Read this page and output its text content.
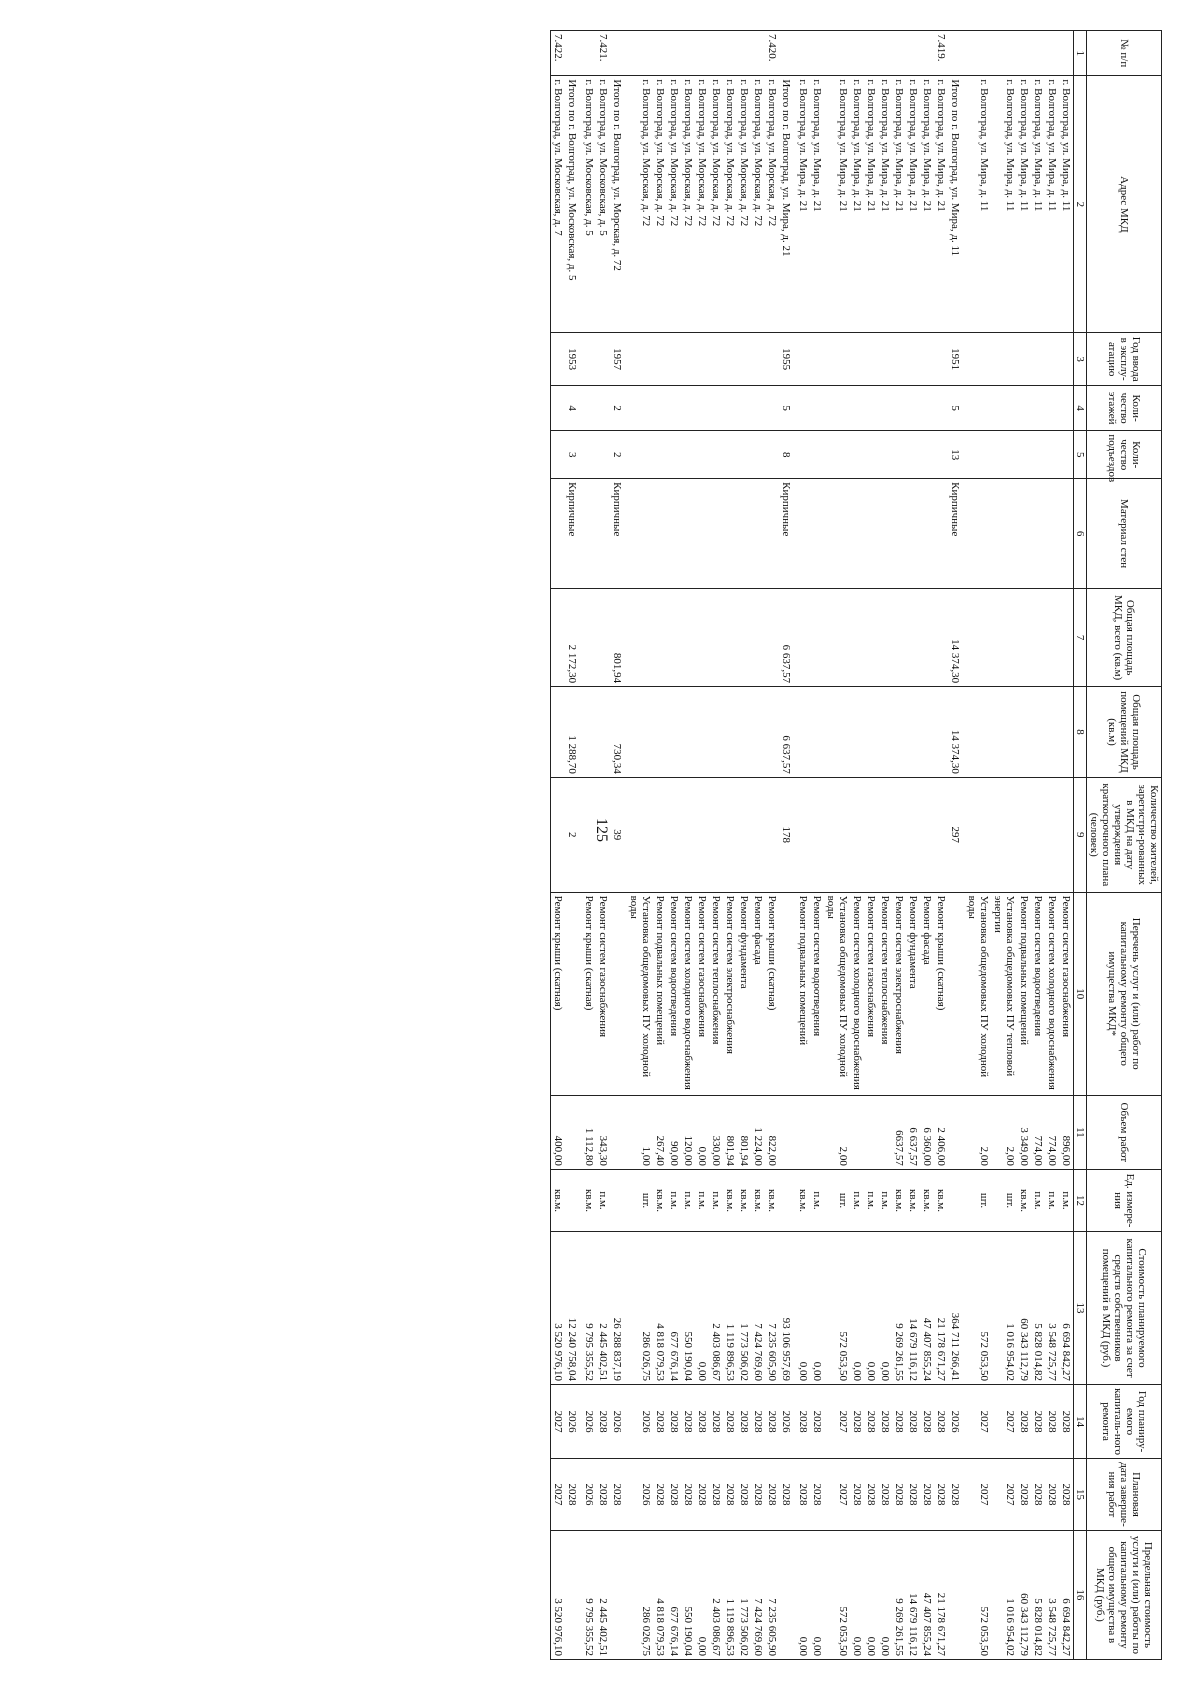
125
№ п/п	Адрес МКД	Год ввода в эксплу-атацию	Коли-чество этажей	Коли-чество подъездов	Материал стен	Общая площадь МКД, всего (кв.м)	Общая площадь помещений МКД (кв.м)	Количество жителей, зарегистри-рованных в МКД на дату утверждения краткосрочного плана (человек)	Перечень услуг и (или) работ по капитальному ремонту общего имущества МКД*	Объем работ	Ед. измере-ния	Стоимость планируемого капитального ремонта за счет средств собственников помещений в МКД (руб.)	Год планиру-емого капиталь-ного ремонта	Плановая дата заверше-ния работ	Предельная стоимость услуги и (или) работы по капитальному ремонту общего имущества в МКД (руб.)
1	2	3	4	5	6	7	8	9	10	11	12	13	14	15	16
	г. Волгоград, ул. Мира, д. 11								Ремонт систем газоснабжения	896,00	п.м.	6 694 842,27	2028	2028	6 694 842,27
	г. Волгоград, ул. Мира, д. 11								Ремонт систем холодного водоснабжения	774,00	п.м.	3 548 725,77	2028	2028	3 548 725,77
	г. Волгоград, ул. Мира, д. 11								Ремонт систем водоотведения	774,00	п.м.	5 828 014,82	2028	2028	5 828 014,82
	г. Волгоград, ул. Мира, д. 11								Ремонт подвальных помещений	3 349,00	кв.м.	60 343 112,79	2028	2028	60 343 112,79
	г. Волгоград, ул. Мира, д. 11								Установка общедомовых ПУ тепловой энергии	2,00	шт.	1 016 954,02	2027	2027	1 016 954,02
	г. Волгоград, ул. Мира, д. 11								Установка общедомовых ПУ холодной воды	2,00	шт.	572 053,50	2027	2027	572 053,50
	Итого по г. Волгоград, ул. Мира, д. 11	1951	5	13	Кирпичные	14 374,30	14 374,30	297				364 711 266,41	2026	2028	
7.419.	г. Волгоград, ул. Мира, д. 21								Ремонт крыши (скатная)	2 406,00	кв.м.	21 178 671,27	2028	2028	21 178 671,27
	г. Волгоград, ул. Мира, д. 21								Ремонт фасада	6 360,00	кв.м.	47 407 855,24	2028	2028	47 407 855,24
	г. Волгоград, ул. Мира, д. 21								Ремонт фундамента	6 637,57	кв.м.	14 679 116,12	2028	2028	14 679 116,12
	г. Волгоград, ул. Мира, д. 21								Ремонт систем электроснабжения	6637,57	кв.м.	9 269 261,55	2028	2028	9 269 261,55
	г. Волгоград, ул. Мира, д. 21								Ремонт систем теплоснабжения		п.м.	0,00	2028	2028	0,00
	г. Волгоград, ул. Мира, д. 21								Ремонт систем газоснабжения		п.м.	0,00	2028	2028	0,00
	г. Волгоград, ул. Мира, д. 21								Ремонт систем холодного водоснабжения		п.м.	0,00	2028	2028	0,00
	г. Волгоград, ул. Мира, д. 21								Установка общедомовых ПУ холодной воды	2,00	шт.	572 053,50	2027	2027	572 053,50
	г. Волгоград, ул. Мира, д. 21								Ремонт систем водоотведения		п.м.	0,00	2028	2028	0,00
	г. Волгоград, ул. Мира, д. 21								Ремонт подвальных помещений		кв.м.	0,00	2028	2028	0,00
	Итого по г. Волгоград, ул. Мира, д. 21	1955	5	8	Кирпичные	6 637,57	6 637,57	178				93 106 957,69	2026	2028	
7.420.	г. Волгоград, ул. Морская, д. 72								Ремонт крыши (скатная)	822,00	кв.м.	7 235 605,90	2028	2028	7 235 605,90
	г. Волгоград, ул. Морская, д. 72								Ремонт фасада	1 224,00	кв.м.	7 424 769,60	2028	2028	7 424 769,60
	г. Волгоград, ул. Морская, д. 72								Ремонт фундамента	801,94	кв.м.	1 773 506,02	2028	2028	1 773 506,02
	г. Волгоград, ул. Морская, д. 72								Ремонт систем электроснабжения	801,94	кв.м.	1 119 896,53	2028	2028	1 119 896,53
	г. Волгоград, ул. Морская, д. 72								Ремонт систем теплоснабжения	330,00	п.м.	2 403 086,67	2028	2028	2 403 086,67
	г. Волгоград, ул. Морская, д. 72								Ремонт систем газоснабжения	0,00	п.м.	0,00	2028	2028	0,00
	г. Волгоград, ул. Морская, д. 72								Ремонт систем холодного водоснабжения	120,00	п.м.	550 190,04	2028	2028	550 190,04
	г. Волгоград, ул. Морская, д. 72								Ремонт систем водоотведения	90,00	п.м.	677 676,14	2028	2028	677 676,14
	г. Волгоград, ул. Морская, д. 72								Ремонт подвальных помещений	267,40	кв.м.	4 818 079,53	2028	2028	4 818 079,53
	г. Волгоград, ул. Морская, д. 72								Установка общедомовых ПУ холодной воды	1,00	шт.	286 026,75	2026	2026	286 026,75
	Итого по г. Волгоград, ул. Морская, д. 72	1957	2	2	Кирпичные	801,94	730,34	39				26 288 837,19	2026	2028	
7.421.	г. Волгоград, ул. Московская, д. 5								Ремонт систем газоснабжения	343,30	п.м.	2 445 402,51	2028	2028	2 445 402,51
	г. Волгоград, ул. Московская, д. 5								Ремонт крыши (скатная)	1 112,80	кв.м.	9 795 355,52	2026	2026	9 795 355,52
	Итого по г. Волгоград, ул. Московская, д. 5	1953	4	3	Кирпичные	2 172,30	1 288,70	2				12 240 758,04	2026	2028	
7.422.	г. Волгоград, ул. Московская, д. 7								Ремонт крыши (скатная)	400,00	кв.м.	3 520 976,10	2027	2027	3 520 976,10
